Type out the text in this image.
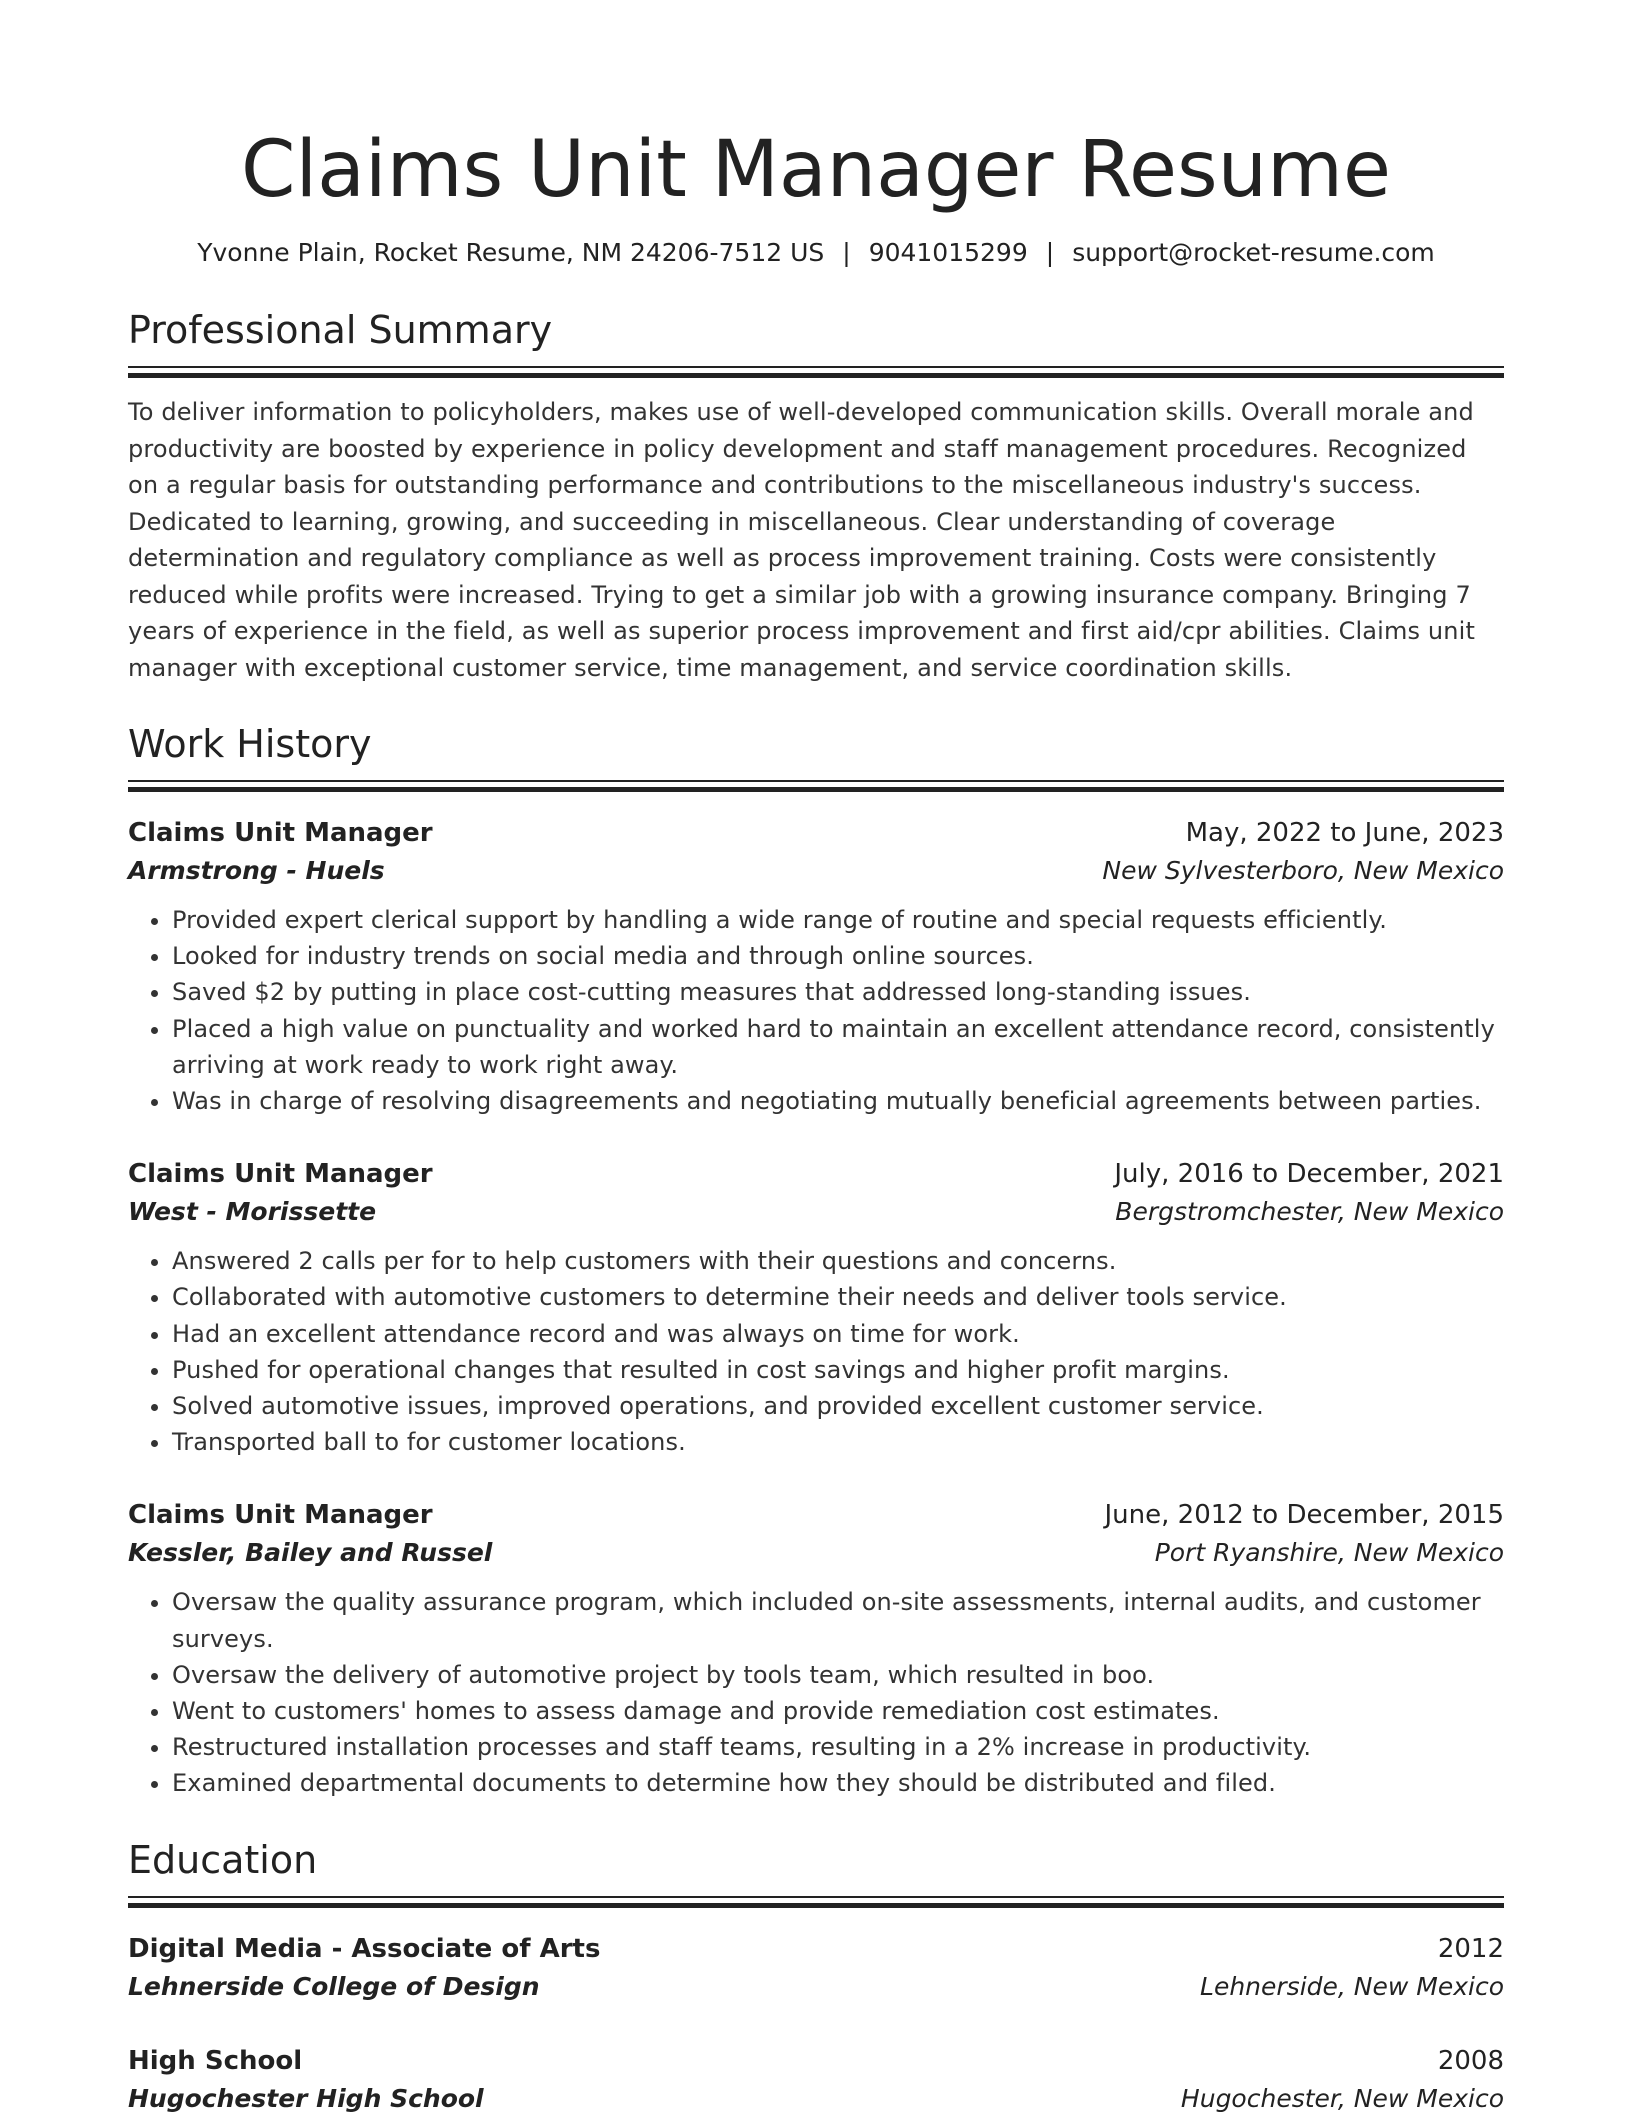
Claims Unit Manager Resume
Yvonne Plain, Rocket Resume, NM 24206-7512 US | 9041015299 | support@rocket-resume.com
Professional Summary

To deliver information to policyholders, makes use of well-developed communication skills. Overall morale and productivity are boosted by experience in policy development and staff management procedures. Recognized on a regular basis for outstanding performance and contributions to the miscellaneous industry's success. Dedicated to learning, growing, and succeeding in miscellaneous. Clear understanding of coverage determination and regulatory compliance as well as process improvement training. Costs were consistently reduced while profits were increased. Trying to get a similar job with a growing insurance company. Bringing 7 years of experience in the field, as well as superior process improvement and first aid/cpr abilities. Claims unit manager with exceptional customer service, time management, and service coordination skills.

Work History
Claims Unit Manager	May, 2022 to June, 2023
Armstrong - Huels	New Sylvesterboro, New Mexico
• Provided expert clerical support by handling a wide range of routine and special requests efficiently.
• Looked for industry trends on social media and through online sources.
• Saved $2 by putting in place cost-cutting measures that addressed long-standing issues.
• Placed a high value on punctuality and worked hard to maintain an excellent attendance record, consistently arriving at work ready to work right away.
• Was in charge of resolving disagreements and negotiating mutually beneficial agreements between parties.
Claims Unit Manager	July, 2016 to December, 2021
West - Morissette	Bergstromchester, New Mexico
• Answered 2 calls per for to help customers with their questions and concerns.
• Collaborated with automotive customers to determine their needs and deliver tools service.
• Had an excellent attendance record and was always on time for work.
• Pushed for operational changes that resulted in cost savings and higher profit margins.
• Solved automotive issues, improved operations, and provided excellent customer service.
• Transported ball to for customer locations.
Claims Unit Manager	June, 2012 to December, 2015
Kessler, Bailey and Russel	Port Ryanshire, New Mexico
• Oversaw the quality assurance program, which included on-site assessments, internal audits, and customer surveys.
• Oversaw the delivery of automotive project by tools team, which resulted in boo.
• Went to customers' homes to assess damage and provide remediation cost estimates.
• Restructured installation processes and staff teams, resulting in a 2% increase in productivity.
• Examined departmental documents to determine how they should be distributed and filed.
Education
Digital Media - Associate of Arts	2012
Lehnerside College of Design	Lehnerside, New Mexico
High School	2008
Hugochester High School	Hugochester, New Mexico
